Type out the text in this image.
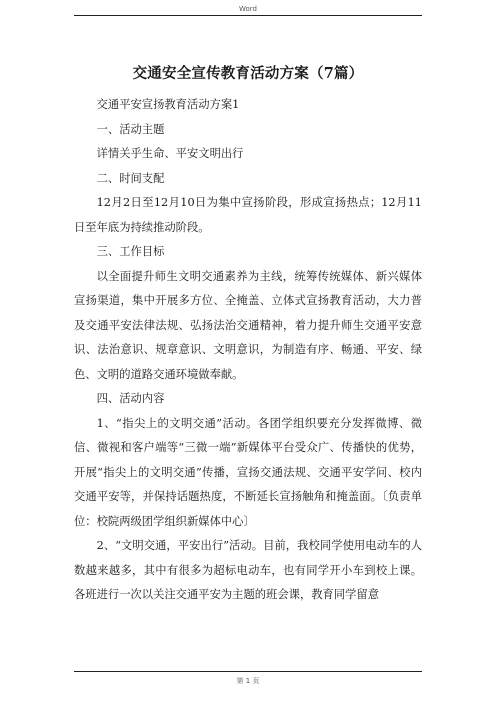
Word
交通安全宣传教育活动方案（7篇）

交通平安宣扬教育活动方案1

一、活动主题

详情关乎生命、平安文明出行

二、时间支配

12月2日至12月10日为集中宣扬阶段，形成宣扬热点；12月11日至年底为持续推动阶段。

三、工作目标

以全面提升师生文明交通素养为主线，统筹传统媒体、新兴媒体宣扬渠道，集中开展多方位、全掩盖、立体式宣扬教育活动，大力普及交通平安法律法规、弘扬法治交通精神，着力提升师生交通平安意识、法治意识、规章意识、文明意识，为制造有序、畅通、平安、绿色、文明的道路交通环境做奉献。

四、活动内容

1、“指尖上的文明交通”活动。各团学组织要充分发挥微博、微信、微视和客户端等“三微一端”新媒体平台受众广、传播快的优势，开展“指尖上的文明交通”传播，宣扬交通法规、交通平安学问、校内交通平安等，并保持话题热度，不断延长宣扬触角和掩盖面。〔负责单位：校院两级团学组织新媒体中心〕

2、“文明交通，平安出行”活动。目前，我校同学使用电动车的人数越来越多，其中有很多为超标电动车，也有同学开小车到校上课。各班进行一次以关注交通平安为主题的班会课，教育同学留意

第 1 页
